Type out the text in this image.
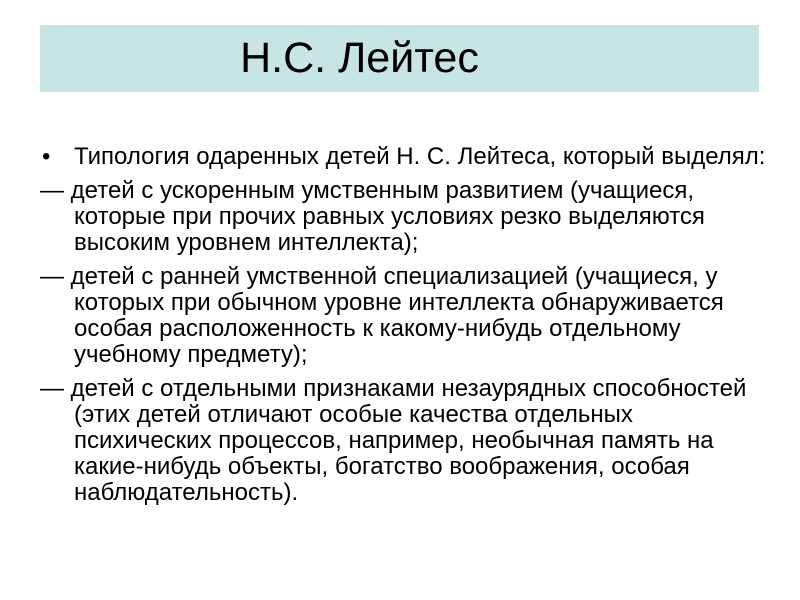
Н.С. Лейтес

• Типология одаренных детей Н. С. Лейтеса, который выделял:

— детей с ускоренным умственным развитием (учащиеся, которые при прочих равных условиях резко выделяются высоким уровнем интеллекта);

— детей с ранней умственной специализацией (учащиеся, у которых при обычном уровне интеллекта обнаруживается особая расположенность к какому-нибудь отдельному учебному предмету);

— детей с отдельными признаками незаурядных способностей (этих детей отличают особые качества отдельных психических процессов, например, необычная память на какие-нибудь объекты, богатство воображения, особая наблюдательность).
